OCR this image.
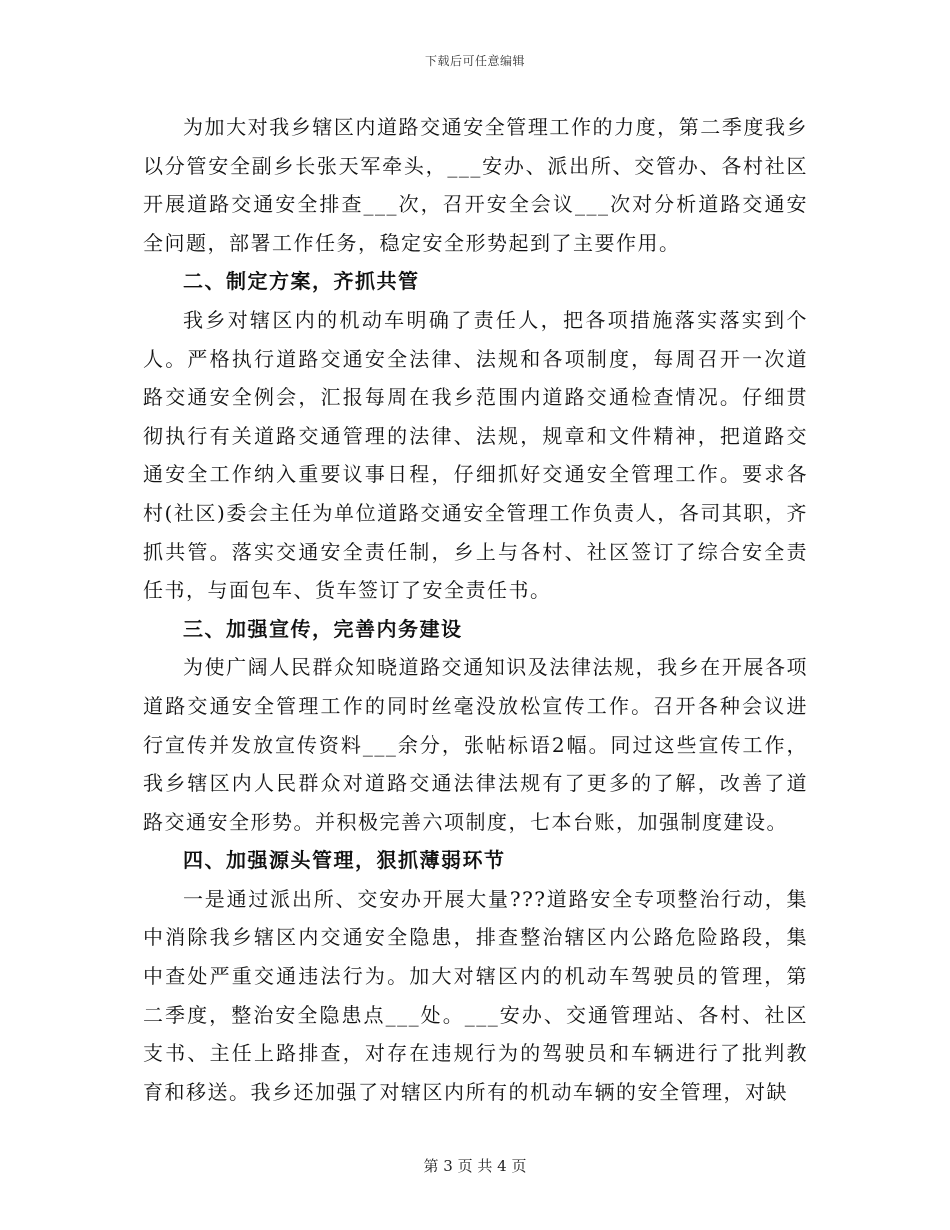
下载后可任意编辑

为加大对我乡辖区内道路交通安全管理工作的力度，第二季度我乡以分管安全副乡长张天军牵头，___安办、派出所、交管办、各村社区开展道路交通安全排查___次，召开安全会议___次对分析道路交通安全问题，部署工作任务，稳定安全形势起到了主要作用。

二、制定方案，齐抓共管

我乡对辖区内的机动车明确了责任人，把各项措施落实落实到个人。严格执行道路交通安全法律、法规和各项制度，每周召开一次道路交通安全例会，汇报每周在我乡范围内道路交通检查情况。仔细贯彻执行有关道路交通管理的法律、法规，规章和文件精神，把道路交通安全工作纳入重要议事日程，仔细抓好交通安全管理工作。要求各村(社区)委会主任为单位道路交通安全管理工作负责人，各司其职，齐抓共管。落实交通安全责任制，乡上与各村、社区签订了综合安全责任书，与面包车、货车签订了安全责任书。

三、加强宣传，完善内务建设

为使广阔人民群众知晓道路交通知识及法律法规，我乡在开展各项道路交通安全管理工作的同时丝毫没放松宣传工作。召开各种会议进行宣传并发放宣传资料___余分，张帖标语2幅。同过这些宣传工作，我乡辖区内人民群众对道路交通法律法规有了更多的了解，改善了道路交通安全形势。并积极完善六项制度，七本台账，加强制度建设。

四、加强源头管理，狠抓薄弱环节

一是通过派出所、交安办开展大量???道路安全专项整治行动，集中消除我乡辖区内交通安全隐患，排查整治辖区内公路危险路段，集中查处严重交通违法行为。加大对辖区内的机动车驾驶员的管理，第二季度，整治安全隐患点___处。___安办、交通管理站、各村、社区支书、主任上路排查，对存在违规行为的驾驶员和车辆进行了批判教育和移送。我乡还加强了对辖区内所有的机动车辆的安全管理，对缺

第 3 页 共 4 页
